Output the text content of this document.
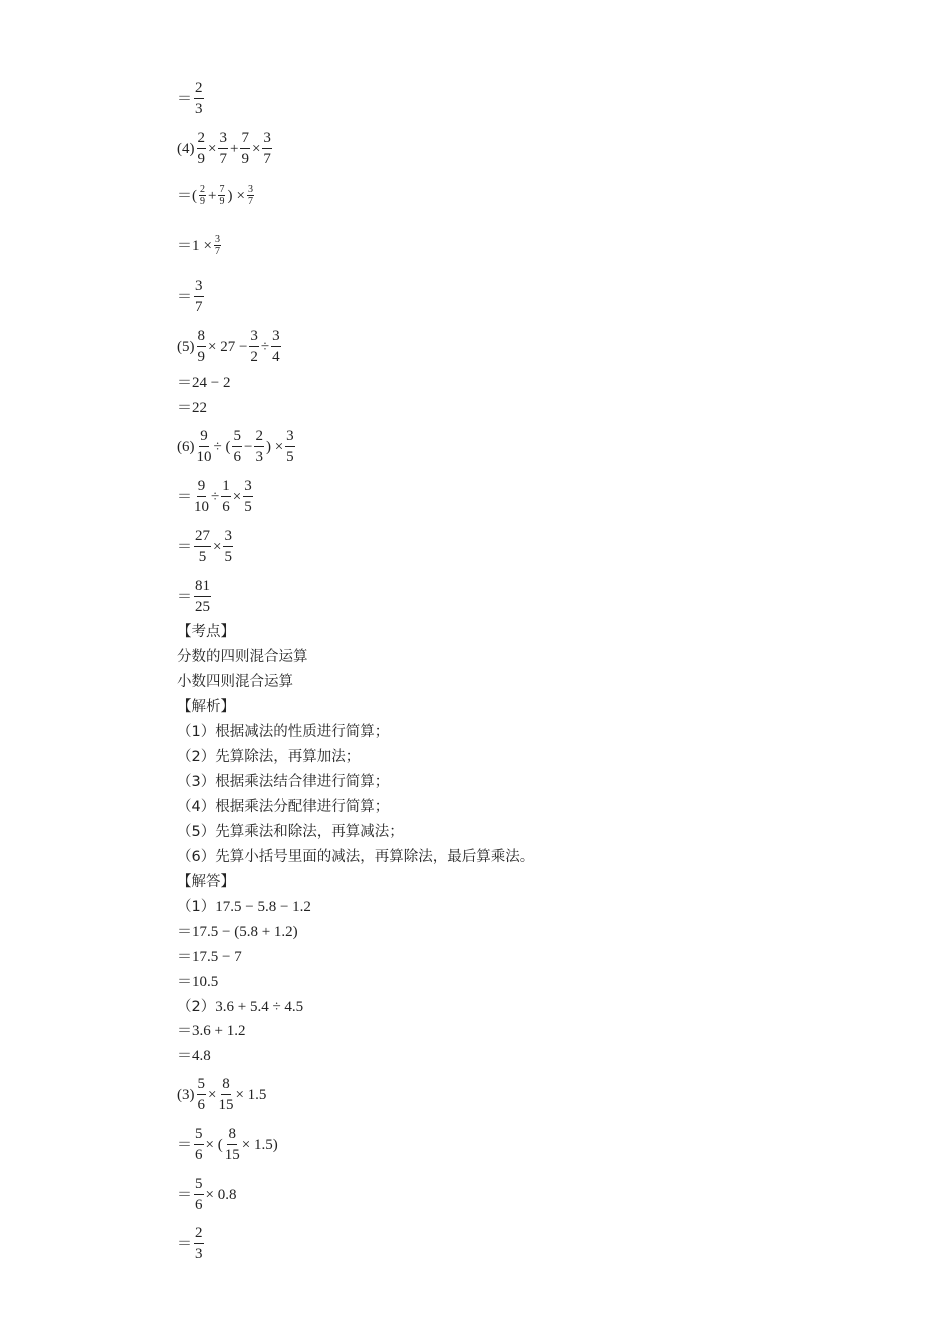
＝
2
3
$(4) \frac{2}{9} \times \frac{3}{7} + \frac{7}{9} \times \frac{3}{7}$
＝( 2
$9 + \frac{7}{9}$ ) × $\frac{3}{7}$
$=1 \times \frac{3}{7}$
＝
3
7
$(5) \frac{8}{9} \times 27 - \frac{3}{2} \div \frac{3}{4}$
＝24 − 2
＝22
$(6) \frac{9}{10}$ ÷ (
5
6
− $\frac{2}{3}$ ) × $\frac{3}{5}$
＝ $\frac{9}{10} \div \frac{1}{6} \times \frac{3}{5}$
＝ $\frac{27}{5} \times \frac{3}{5}$
＝
81
25
【考点】
分数的四则混合运算
小数四则混合运算
【解析】
（1）根据减法的性质进行简算；
（2）先算除法，再算加法；
（3）根据乘法结合律进行简算；
（4）根据乘法分配律进行简算；
（5）先算乘法和除法，再算减法；
（6）先算小括号里面的减法，再算除法，最后算乘法。
【解答】
（1）17.5 − 5.8 − 1.2
＝17.5 − (5.8 + 1.2)
＝17.5 − 7
＝10.5
（2）3.6 + 5.4 ÷ 4.5
＝3.6 + 1.2
＝4.8
$(3) \frac{5}{6} \times \frac{8}{15} \times 1.5$
＝ $\frac{5}{6}$ × ( $\frac{8}{15} \times 1.5$)
＝ $\frac{5}{6} \times 0.8$
＝
2
3
